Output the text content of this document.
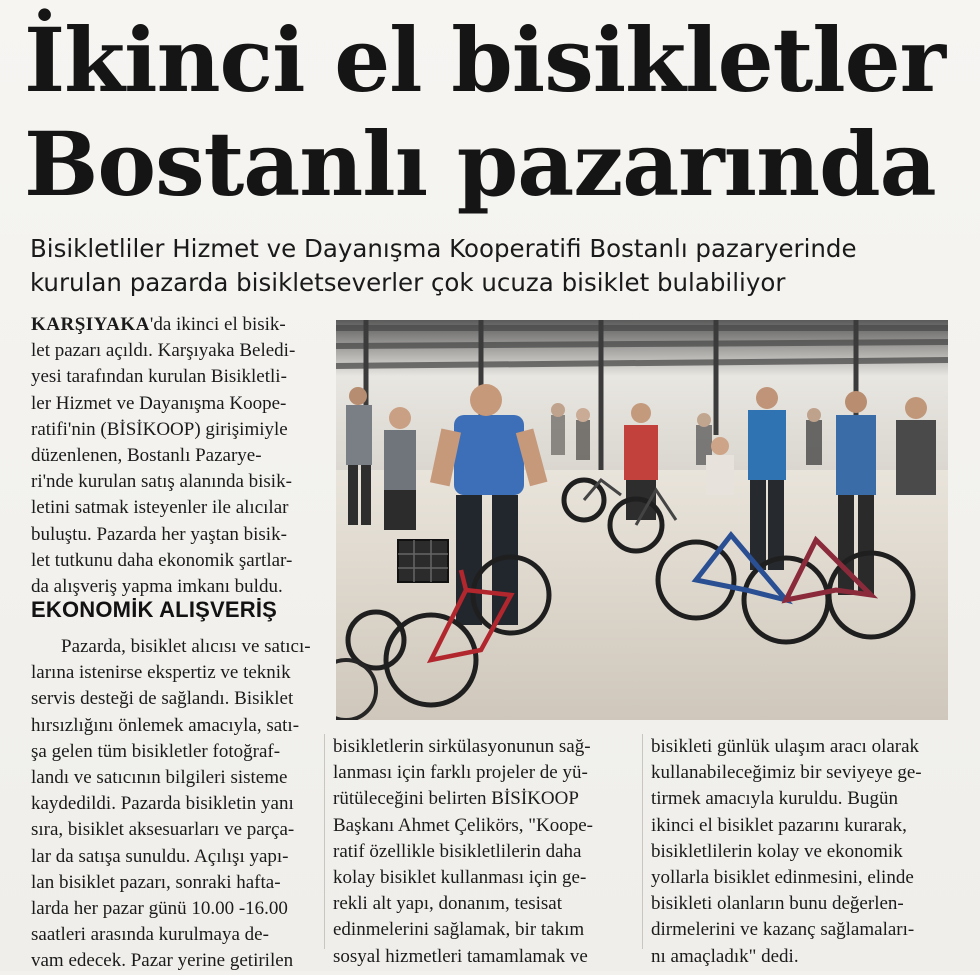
İkinci el bisikletler
Bostanlı pazarında

Bisikletliler Hizmet ve Dayanışma Kooperatifi Bostanlı pazaryerinde
kurulan pazarda bisikletseverler çok ucuza bisiklet bulabiliyor

KARŞIYAKA'da ikinci el bisik-
let pazarı açıldı. Karşıyaka Beledi-
yesi tarafından kurulan Bisikletli-
ler Hizmet ve Dayanışma Koope-
ratifi'nin (BİSİKOOP) girişimiyle
düzenlenen, Bostanlı Pazarye-
ri'nde kurulan satış alanında bisik-
letini satmak isteyenler ile alıcılar
buluştu. Pazarda her yaştan bisik-
let tutkunu daha ekonomik şartlar-
da alışveriş yapma imkanı buldu.
EKONOMİK ALIŞVERİŞ
Pazarda, bisiklet alıcısı ve satıcı-
larına istenirse ekspertiz ve teknik
servis desteği de sağlandı. Bisiklet
hırsızlığını önlemek amacıyla, satı-
şa gelen tüm bisikletler fotoğraf-
landı ve satıcının bilgileri sisteme
kaydedildi. Pazarda bisikletin yanı
sıra, bisiklet aksesuarları ve parça-
lar da satışa sunuldu. Açılışı yapı-
lan bisiklet pazarı, sonraki hafta-
larda her pazar günü 10.00 -16.00
saatleri arasında kurulmaya de-
vam edecek. Pazar yerine getirilen
bisikletlerin sirkülasyonunun sağ-
lanması için farklı projeler de yü-
rütüleceğini belirten BİSİKOOP
Başkanı Ahmet Çelikörs, "Koope-
ratif özellikle bisikletlilerin daha
kolay bisiklet kullanması için ge-
rekli alt yapı, donanım, tesisat
edinmelerini sağlamak, bir takım
sosyal hizmetleri tamamlamak ve
bisikleti günlük ulaşım aracı olarak
kullanabileceğimiz bir seviyeye ge-
tirmek amacıyla kuruldu. Bugün
ikinci el bisiklet pazarını kurarak,
bisikletlilerin kolay ve ekonomik
yollarla bisiklet edinmesini, elinde
bisikleti olanların bunu değerlen-
dirmelerini ve kazanç sağlamaları-
nı amaçladık" dedi.
